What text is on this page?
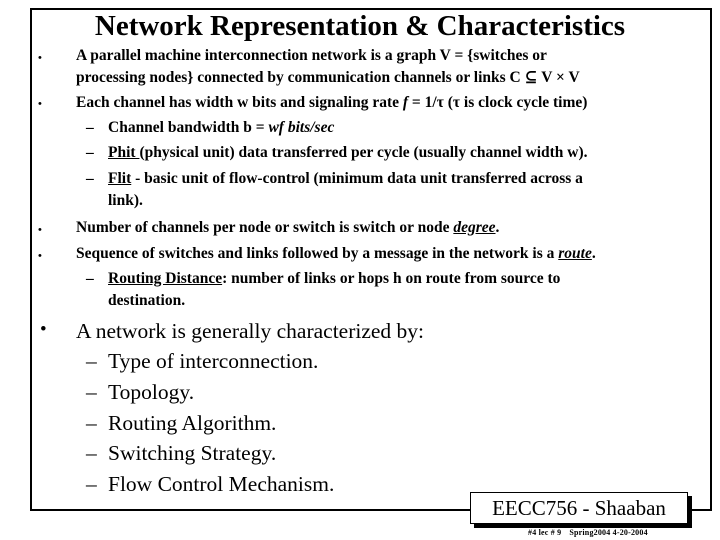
Network Representation & Characteristics
• A parallel machine interconnection network is a graph V = {switches or
processing nodes} connected by communication channels or links C ⊆ V × V
• Each channel has width w bits and signaling rate f = 1/τ (τ is clock cycle time)
– Channel bandwidth b = wf bits/sec
– Phit (physical unit) data transferred per cycle (usually channel width w).
– Flit - basic unit of flow-control (minimum data unit transferred across a
link).
• Number of channels per node or switch is switch or node degree.
• Sequence of switches and links followed by a message in the network is a route.
– Routing Distance: number of links or hops h on route from source to
destination.
• A network is generally characterized by:
– Type of interconnection.
– Topology.
– Routing Algorithm.
– Switching Strategy.
– Flow Control Mechanism.
EECC756 - Shaaban
#4 lec # 9 Spring2004 4-20-2004
